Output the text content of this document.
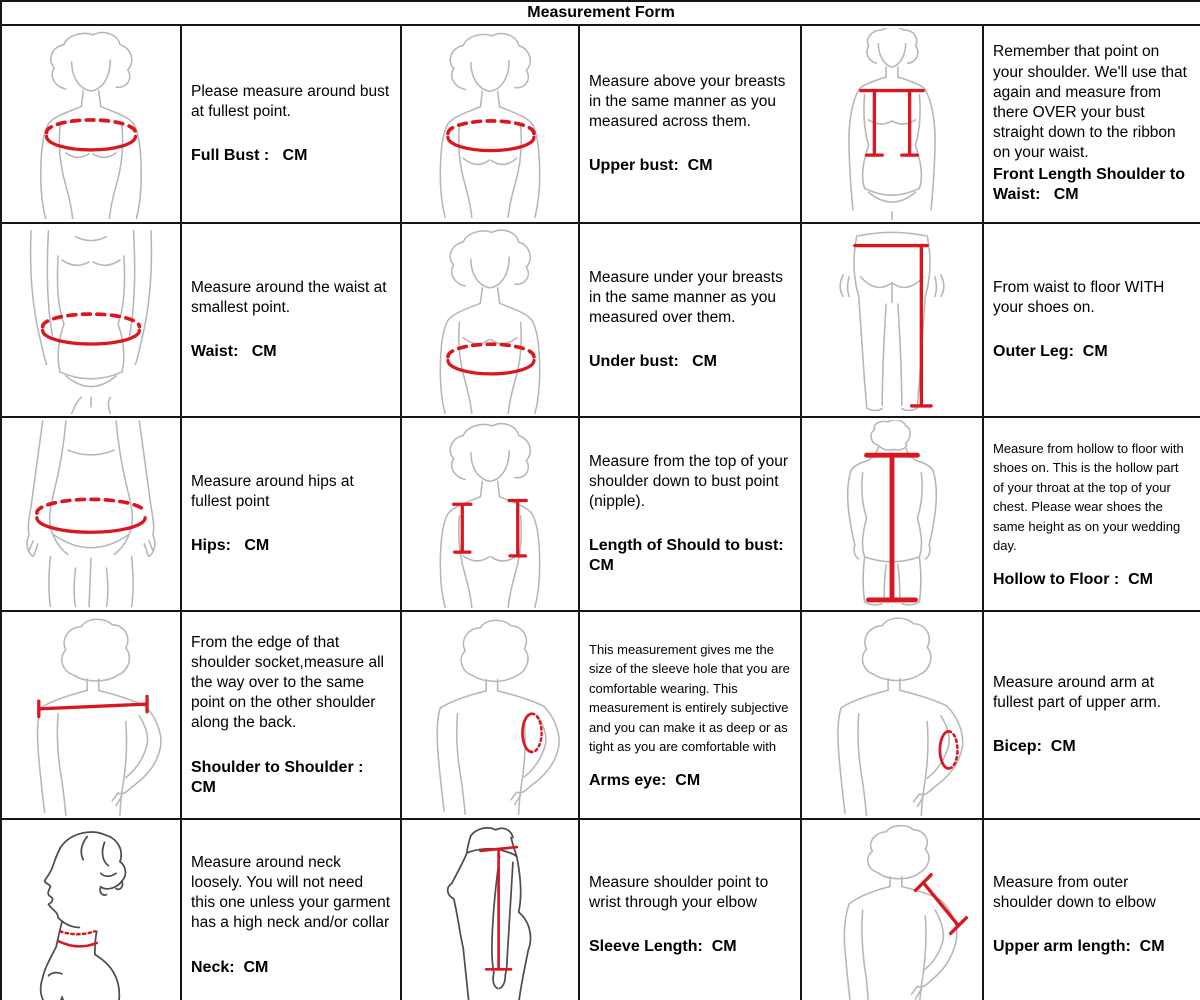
Measurement Form					

Please measure around bust at fullest point.
Full Bust :   CM

Measure above your breasts in the same manner as you measured across them.
Upper bust:  CM

Remember that point on your shoulder. We'll use that again and measure from there OVER your bust straight down to the ribbon on your waist.
Front Length Shoulder to Waist:   CM

Measure around the waist at smallest point.
Waist:   CM

Measure under your breasts in the same manner as you measured over them.
Under bust:   CM

From waist to floor WITH your shoes on.
Outer Leg:  CM

Measure around hips at fullest point
Hips:   CM

Measure from the top of your shoulder down to bust point (nipple).
Length of Should to bust:  CM

Measure from hollow to floor with shoes on. This is the hollow part of your throat at the top of your chest. Please wear shoes the same height as on your wedding day.
Hollow to Floor :  CM

From the edge of that shoulder socket,measure all the way over to the same point on the other shoulder along the back.
Shoulder to Shoulder : CM

This measurement gives me the size of the sleeve hole that you are comfortable wearing. This measurement is entirely subjective and you can make it as deep or as tight as you are comfortable with
Arms eye:  CM

Measure around arm at fullest part of upper arm.
Bicep:  CM

Measure around neck loosely. You will not need this one unless your garment has a high neck and/or collar
Neck:  CM

Measure shoulder point to wrist through your elbow
Sleeve Length:  CM

Measure from outer shoulder down to elbow
Upper arm length:  CM
